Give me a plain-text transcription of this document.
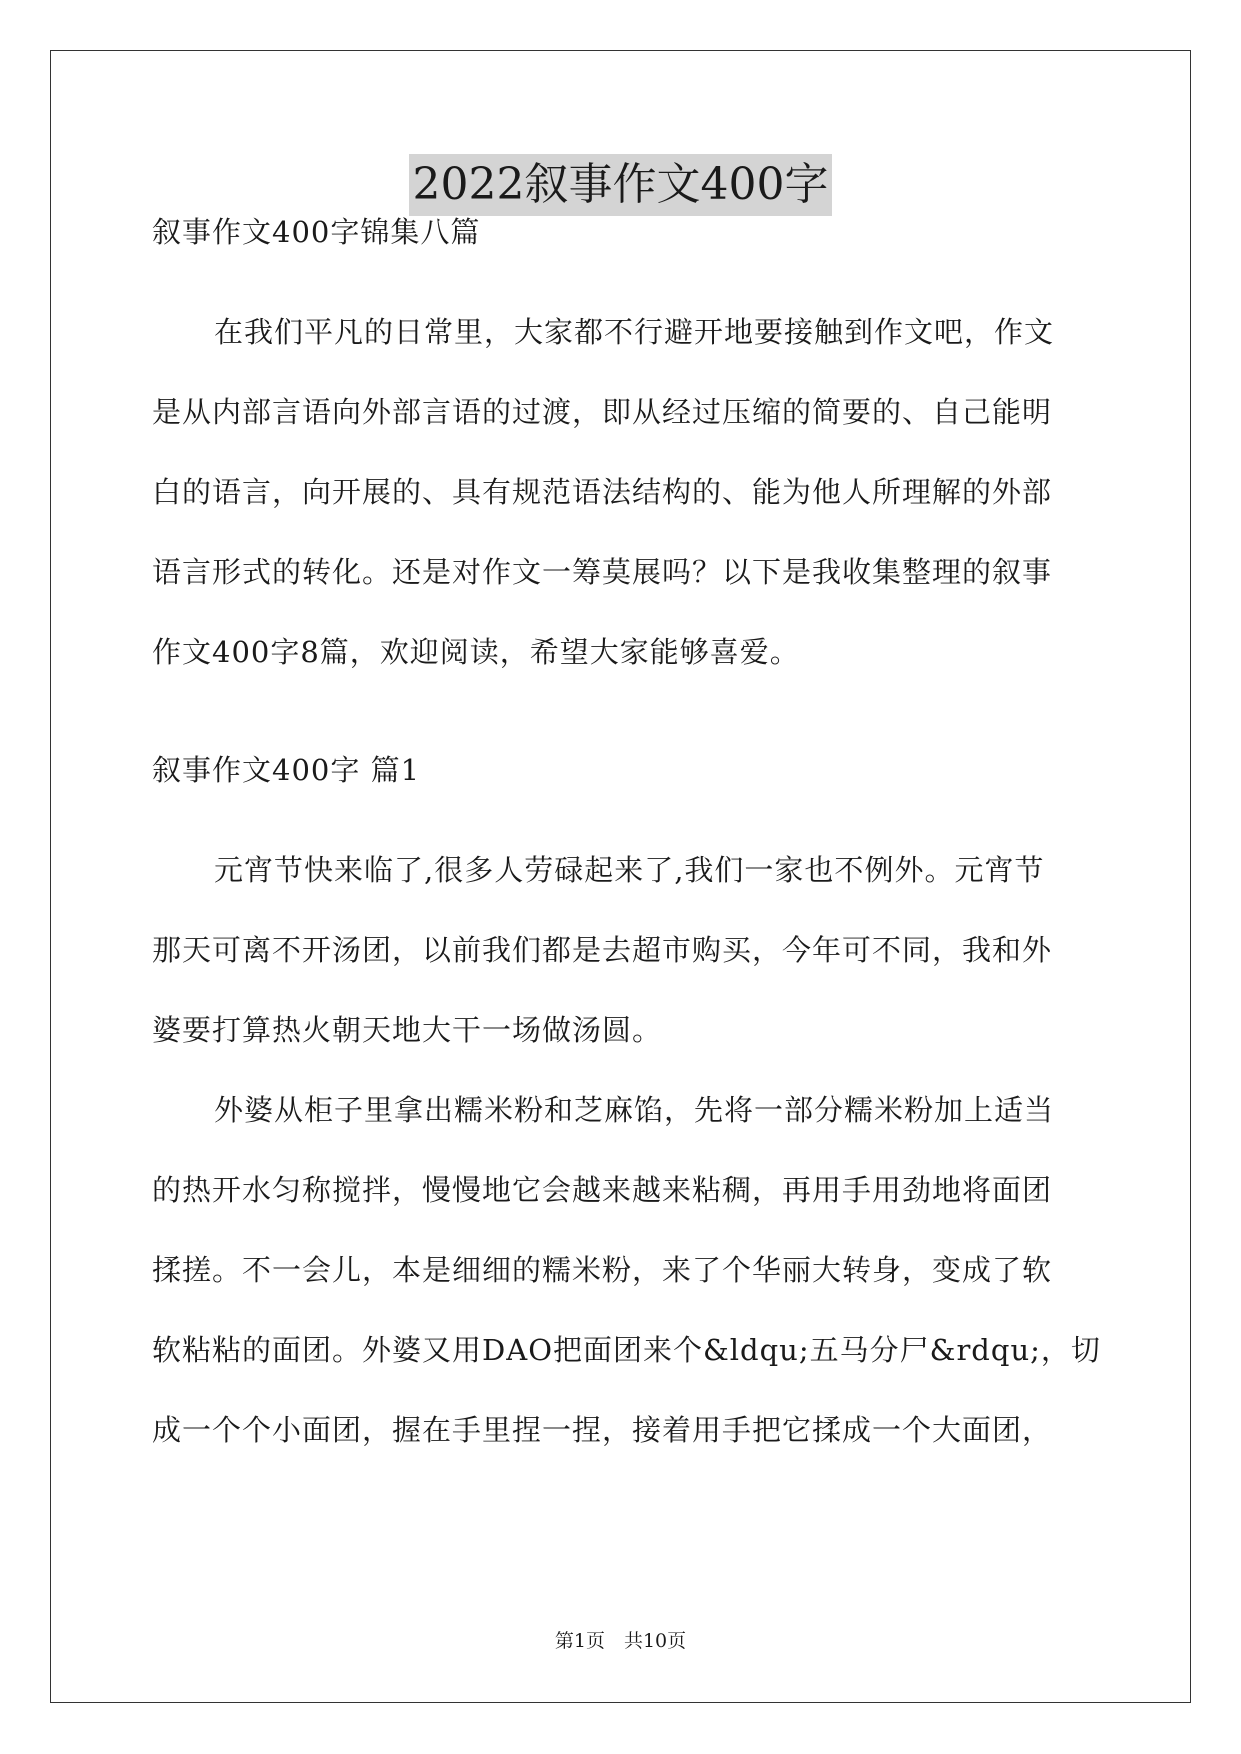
2022叙事作文400字

叙事作文400字锦集八篇

在我们平凡的日常里，大家都不行避开地要接触到作文吧，作文
是从内部言语向外部言语的过渡，即从经过压缩的简要的、自己能明
白的语言，向开展的、具有规范语法结构的、能为他人所理解的外部
语言形式的转化。还是对作文一筹莫展吗？以下是我收集整理的叙事
作文400字8篇，欢迎阅读，希望大家能够喜爱。

叙事作文400字 篇1

元宵节快来临了,很多人劳碌起来了,我们一家也不例外。元宵节
那天可离不开汤团，以前我们都是去超市购买，今年可不同，我和外
婆要打算热火朝天地大干一场做汤圆。
外婆从柜子里拿出糯米粉和芝麻馅，先将一部分糯米粉加上适当
的热开水匀称搅拌，慢慢地它会越来越来粘稠，再用手用劲地将面团
揉搓。不一会儿，本是细细的糯米粉，来了个华丽大转身，变成了软
软粘粘的面团。外婆又用DAO把面团来个&ldqu;五马分尸&rdqu;，切
成一个个小面团，握在手里捏一捏，接着用手把它揉成一个大面团，
第1页　共10页
